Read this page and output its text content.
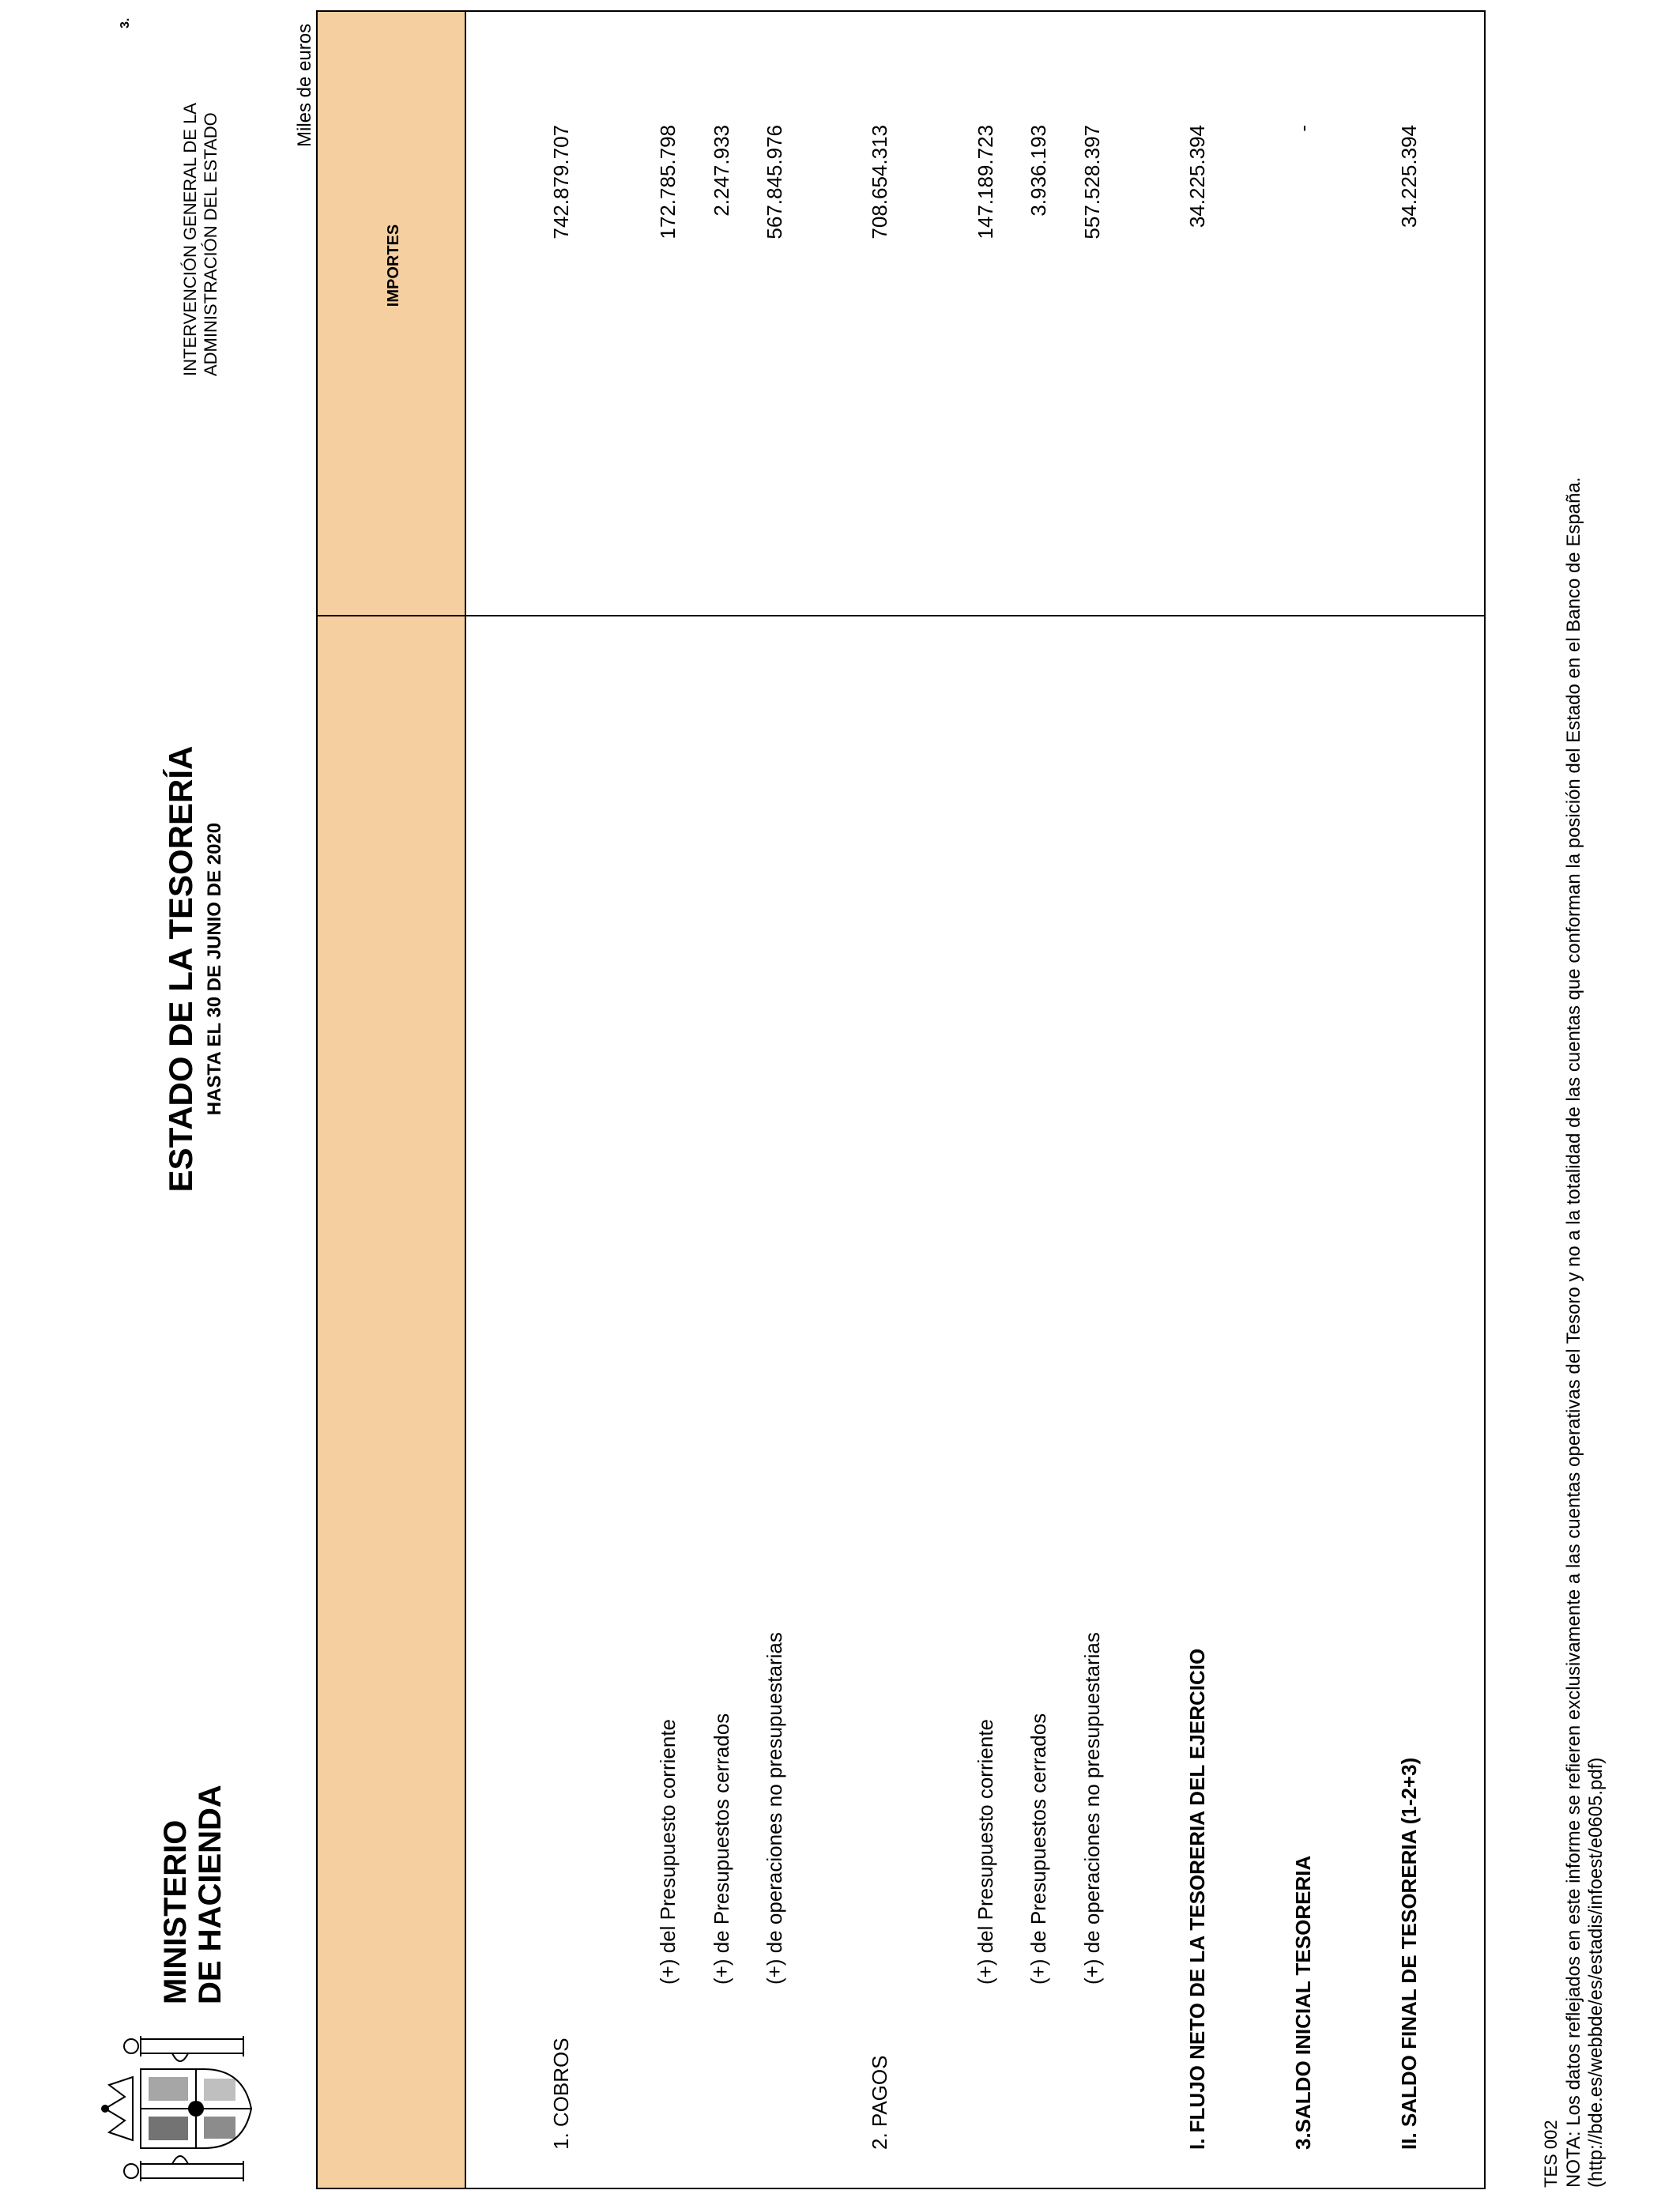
3.
MINISTERIO DE HACIENDA
ESTADO DE LA TESORERÍA HASTA EL 30 DE JUNIO DE 2020
INTERVENCIÓN GENERAL DE LA ADMINISTRACIÓN DEL ESTADO
Miles de euros
IMPORTES
1. COBROS
742.879.707
(+) del Presupuesto corriente
172.785.798
(+) de Presupuestos cerrados
2.247.933
(+) de operaciones no presupuestarias
567.845.976
2. PAGOS
708.654.313
(+) del Presupuesto corriente
147.189.723
(+) de Presupuestos cerrados
3.936.193
(+) de operaciones no presupuestarias
557.528.397
I. FLUJO NETO DE LA TESORERIA DEL EJERCICIO
34.225.394
3.SALDO INICIAL TESORERIA
-
II. SALDO FINAL DE TESORERIA (1-2+3)
34.225.394
TES 002 NOTA: Los datos reflejados en este informe se refieren exclusivamente a las cuentas operativas del Tesoro y no a la totalidad de las cuentas que conforman la posición del Estado en el Banco de España. (http://bde.es/webbde/es/estadis/infoest/e0605.pdf)
